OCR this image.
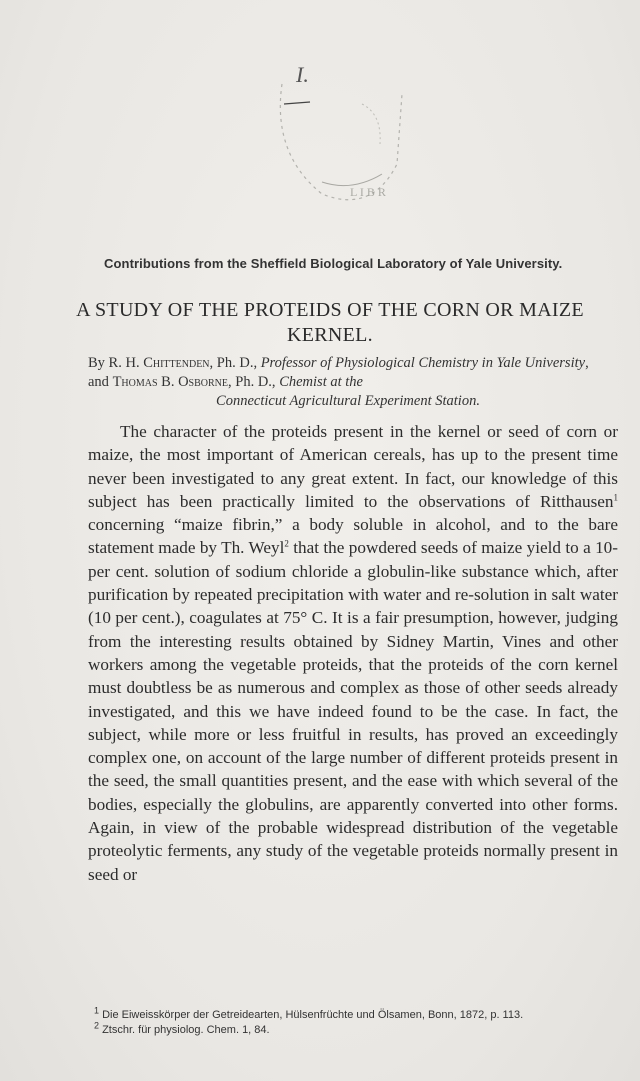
L I B R
I.
Contributions from the Sheffield Biological Laboratory of Yale University.
A STUDY OF THE PROTEIDS OF THE CORN OR MAIZE KERNEL.
By R. H. Chittenden, Ph. D., Professor of Physiological Chemistry in Yale University, and Thomas B. Osborne, Ph. D., Chemist at the
Connecticut Agricultural Experiment Station.

The character of the proteids present in the kernel or seed of corn or maize, the most important of American cereals, has up to the present time never been investigated to any great extent. In fact, our knowledge of this subject has been practically limited to the observations of Ritthausen$^1$ concerning “maize fibrin,” a body soluble in alcohol, and to the bare statement made by Th. Weyl$^2$ that the powdered seeds of maize yield to a 10-per cent. solution of sodium chloride a globulin-like substance which, after purification by repeated precipitation with water and re-solution in salt water (10 per cent.), coagulates at 75° C. It is a fair presumption, however, judging from the interesting results obtained by Sidney Martin, Vines and other workers among the vegetable proteids, that the proteids of the corn kernel must doubtless be as numerous and complex as those of other seeds already investigated, and this we have indeed found to be the case. In fact, the subject, while more or less fruitful in results, has proved an exceedingly complex one, on account of the large number of different proteids present in the seed, the small quantities present, and the ease with which several of the bodies, especially the globulins, are apparently converted into other forms. Again, in view of the probable widespread distribution of the vegetable proteolytic ferments, any study of the vegetable proteids normally present in seed or

$^1$ Die Eiweisskörper der Getreidearten, Hülsenfrüchte und Ölsamen, Bonn, 1872, p. 113.
$^2$ Ztschr. für physiolog. Chem. 1, 84.
